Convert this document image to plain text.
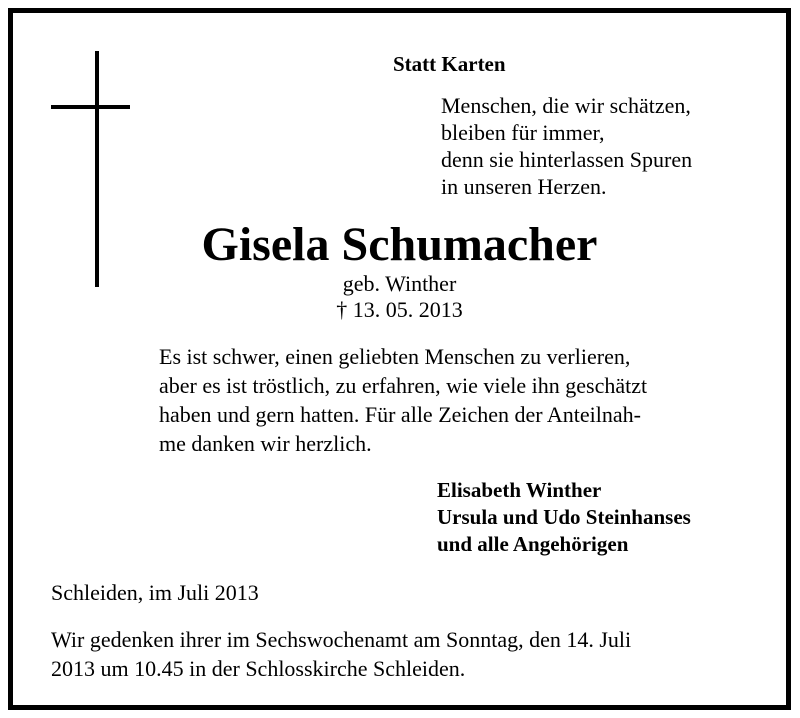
Statt Karten
Menschen, die wir schätzen,
bleiben für immer,
denn sie hinterlassen Spuren
in unseren Herzen.
Gisela Schumacher
geb. Winther
† 13. 05. 2013
Es ist schwer, einen geliebten Menschen zu verlieren,
aber es ist tröstlich, zu erfahren, wie viele ihn geschätzt
haben und gern hatten. Für alle Zeichen der Anteilnah-
me danken wir herzlich.
Elisabeth Winther
Ursula und Udo Steinhanses
und alle Angehörigen
Schleiden, im Juli 2013
Wir gedenken ihrer im Sechswochenamt am Sonntag, den 14. Juli
2013 um 10.45 in der Schlosskirche Schleiden.
